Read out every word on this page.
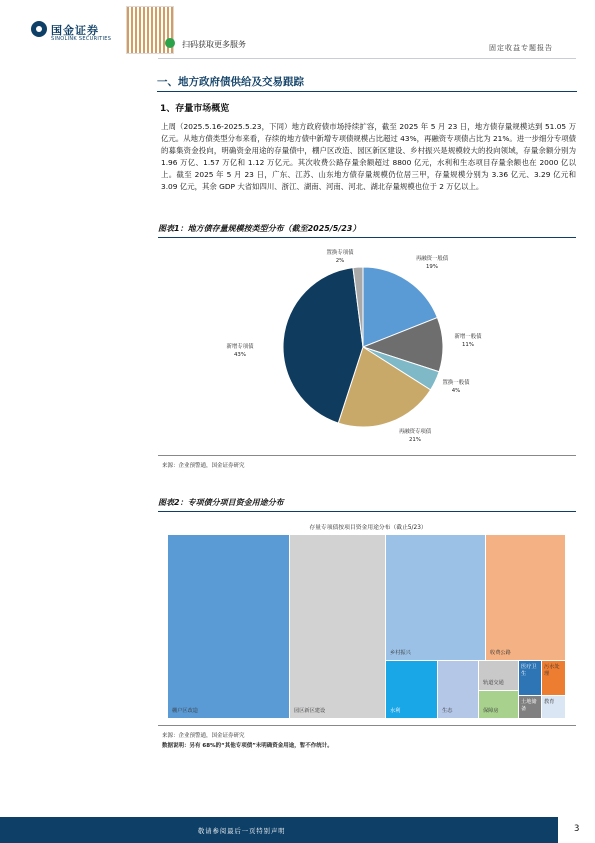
国金证券
SINOLINK SECURITIES
扫码获取更多服务	固定收益专题报告
一、地方政府债供给及交易跟踪
1、存量市场概览
上周（2025.5.16-2025.5.23，下同）地方政府债市场持续扩容，截至 2025 年 5 月 23 日，地方债存量规模达到 51.05 万亿元。从地方债类型分布来看，存续的地方债中新增专项债规模占比超过 43%，再融资专项债占比为 21%。进一步细分专项债的募集资金投向，明确资金用途的存量债中，棚户区改造、园区新区建设、乡村振兴是规模较大的投向领域，存量余额分别为 1.96 万亿、1.57 万亿和 1.12 万亿元。其次收费公路存量余额超过 8800 亿元，水利和生态项目存量余额也在 2000 亿以上。截至 2025 年 5 月 23 日，广东、江苏、山东地方债存量规模仍位居三甲，存量规模分别为 3.36 亿元、3.29 亿元和 3.09 亿元，其余 GDP 大省如四川、浙江、湖南、河南、河北、湖北存量规模也位于 2 万亿以上。
图表1：地方债存量规模按类型分布（截至2025/5/23）
再融资一般债
19%
新增一般债
11%
置换一般债
4%
再融资专项债
21%
新增专项债
43%
置换专项债
2%
来源：企业预警通，国金证券研究
图表2：专项债分项目资金用途分布
存量专项债按项目资金用途分布（截止5/23）
棚户区改造	园区新区建设
乡村振兴	收费公路
水利	生态
轨道交通
保障房
医疗卫生
污水处理
土地储备
教育
来源：企业预警通，国金证券研究
数据说明：另有 68%的“其他专项债”未明确资金用途，暂不作统计。
敬请参阅最后一页特别声明	3
